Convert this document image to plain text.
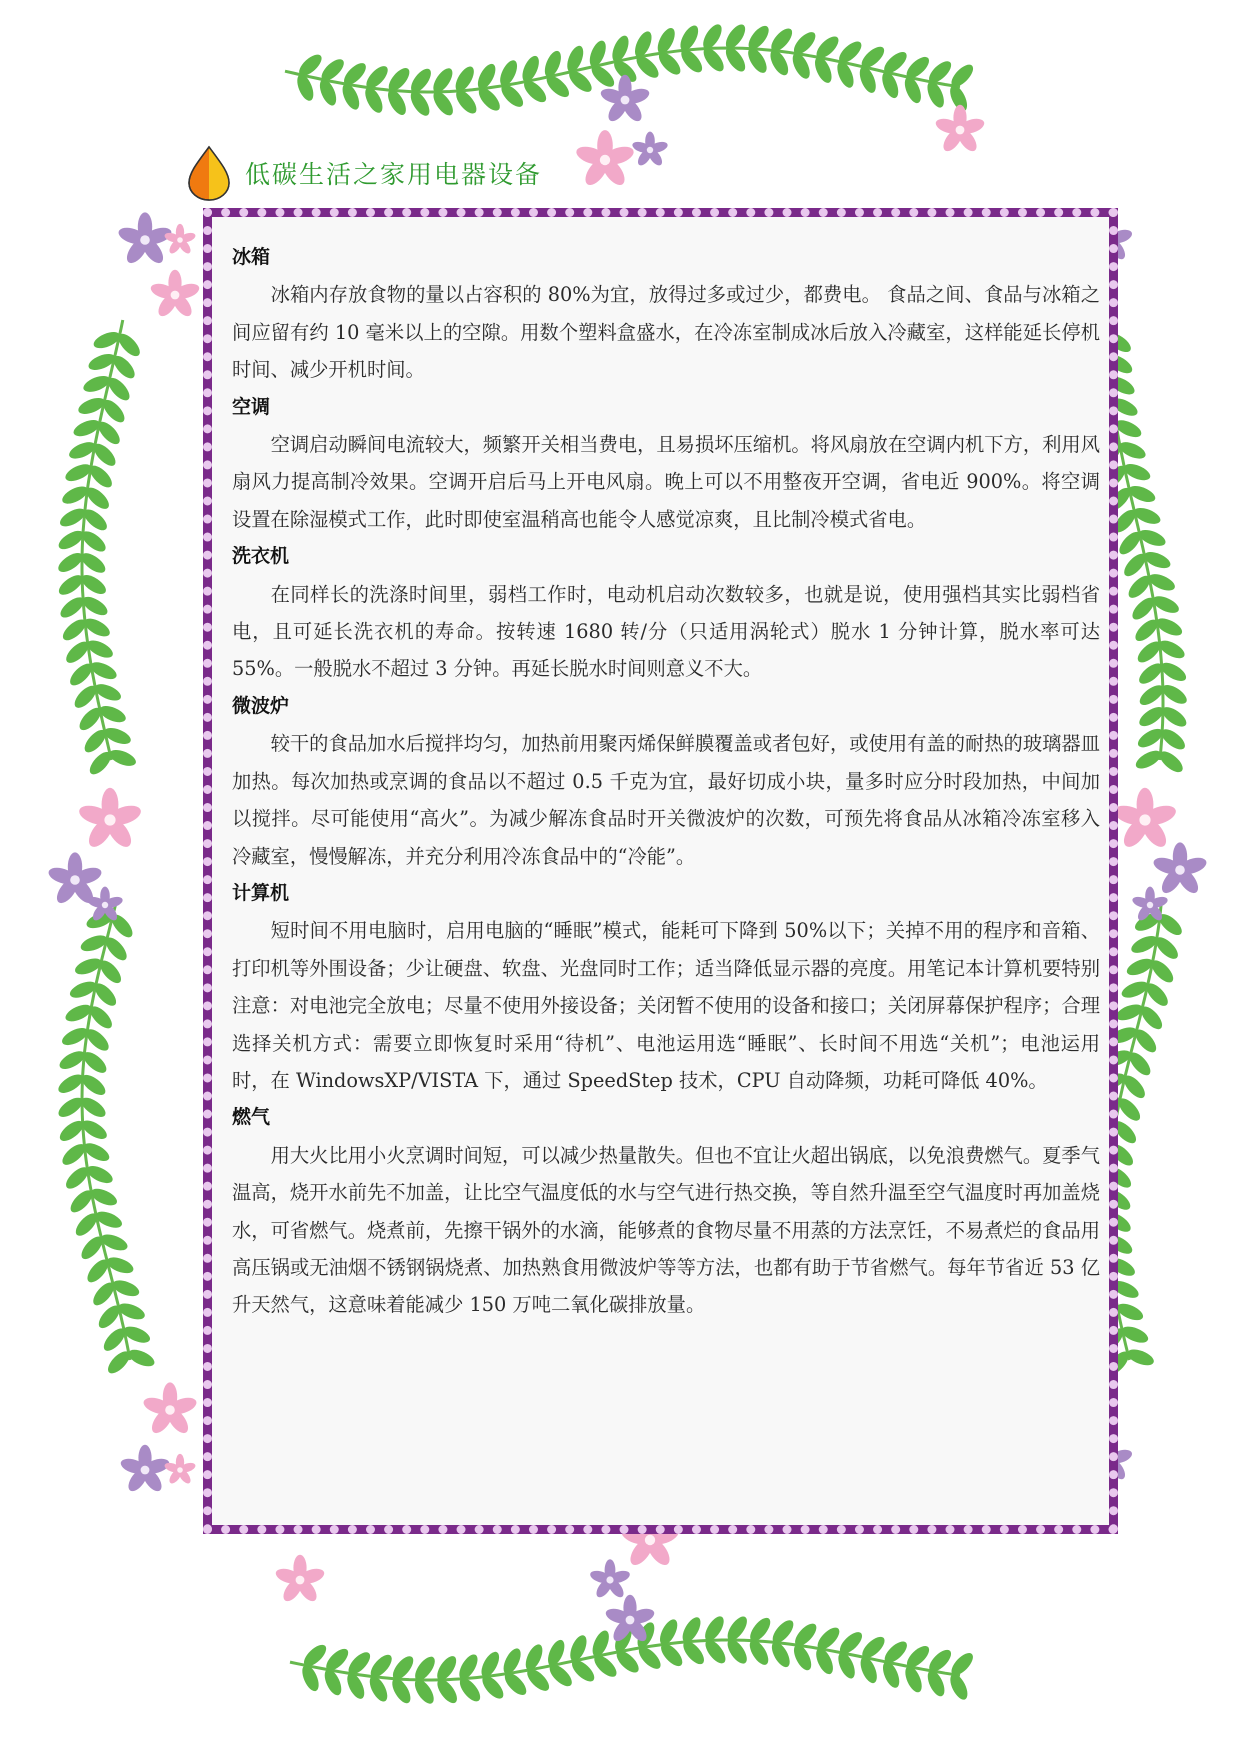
低碳生活之家用电器设备
冰箱

冰箱内存放食物的量以占容积的 80%为宜，放得过多或过少，都费电。 食品之间、食品与冰箱之间应留有约 10 毫米以上的空隙。用数个塑料盒盛水，在冷冻室制成冰后放入冷藏室，这样能延长停机时间、减少开机时间。

空调

空调启动瞬间电流较大，频繁开关相当费电，且易损坏压缩机。将风扇放在空调内机下方，利用风扇风力提高制冷效果。空调开启后马上开电风扇。晚上可以不用整夜开空调，省电近 900%。将空调设置在除湿模式工作，此时即使室温稍高也能令人感觉凉爽，且比制冷模式省电。

洗衣机

在同样长的洗涤时间里，弱档工作时，电动机启动次数较多，也就是说，使用强档其实比弱档省电，且可延长洗衣机的寿命。按转速 1680 转/分（只适用涡轮式）脱水 1 分钟计算，脱水率可达 55%。一般脱水不超过 3 分钟。再延长脱水时间则意义不大。

微波炉

较干的食品加水后搅拌均匀，加热前用聚丙烯保鲜膜覆盖或者包好，或使用有盖的耐热的玻璃器皿加热。每次加热或烹调的食品以不超过 0.5 千克为宜，最好切成小块，量多时应分时段加热，中间加以搅拌。尽可能使用“高火”。为减少解冻食品时开关微波炉的次数，可预先将食品从冰箱冷冻室移入冷藏室，慢慢解冻，并充分利用冷冻食品中的“冷能”。

计算机

短时间不用电脑时，启用电脑的“睡眠”模式，能耗可下降到 50%以下；关掉不用的程序和音箱、打印机等外围设备；少让硬盘、软盘、光盘同时工作；适当降低显示器的亮度。用笔记本计算机要特别注意：对电池完全放电；尽量不使用外接设备；关闭暂不使用的设备和接口；关闭屏幕保护程序；合理选择关机方式：需要立即恢复时采用“待机”、电池运用选“睡眠”、长时间不用选“关机”；电池运用时，在 WindowsXP/VISTA 下，通过 SpeedStep 技术，CPU 自动降频，功耗可降低 40%。

燃气

用大火比用小火烹调时间短，可以减少热量散失。但也不宜让火超出锅底，以免浪费燃气。夏季气温高，烧开水前先不加盖，让比空气温度低的水与空气进行热交换，等自然升温至空气温度时再加盖烧水，可省燃气。烧煮前，先擦干锅外的水滴，能够煮的食物尽量不用蒸的方法烹饪，不易煮烂的食品用高压锅或无油烟不锈钢锅烧煮、加热熟食用微波炉等等方法，也都有助于节省燃气。每年节省近 53 亿升天然气，这意味着能减少 150 万吨二氧化碳排放量。
